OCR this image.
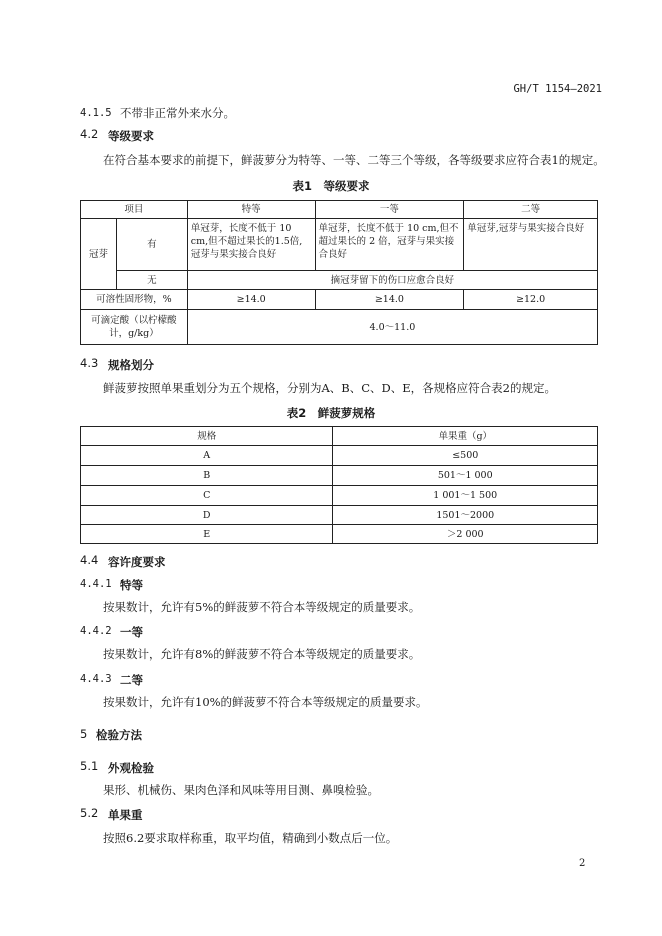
GH/T 1154—2021
4.1.5 不带非正常外来水分。
4.2 等级要求
在符合基本要求的前提下，鲜菠萝分为特等、一等、二等三个等级，各等级要求应符合表1的规定。
表1　等级要求
项目		特等	一等	二等
冠芽	有	单冠芽，长度不低于 10 cm,但不超过果长的1.5倍,冠芽与果实接合良好	单冠芽，长度不低于 10 cm,但不超过果长的 2 倍，冠芽与果实接合良好	单冠芽,冠芽与果实接合良好
	无	摘冠芽留下的伤口应愈合良好		
可溶性固形物，%		≥14.0	≥14.0	≥12.0
可滴定酸（以柠檬酸计，g/kg）		4.0～11.0		
4.3 规格划分
鲜菠萝按照单果重划分为五个规格，分别为A、B、C、D、E，各规格应符合表2的规定。
表2　鲜菠萝规格
规格	单果重（g）
A	≤500
B	501～1 000
C	1 001～1 500
D	1501～2000
E	＞2 000
4.4 容许度要求
4.4.1 特等
按果数计，允许有5%的鲜菠萝不符合本等级规定的质量要求。
4.4.2 一等
按果数计，允许有8%的鲜菠萝不符合本等级规定的质量要求。
4.4.3 二等
按果数计，允许有10%的鲜菠萝不符合本等级规定的质量要求。
5 检验方法
5.1 外观检验
果形、机械伤、果肉色泽和风味等用目测、鼻嗅检验。
5.2 单果重
按照6.2要求取样称重，取平均值，精确到小数点后一位。
2
